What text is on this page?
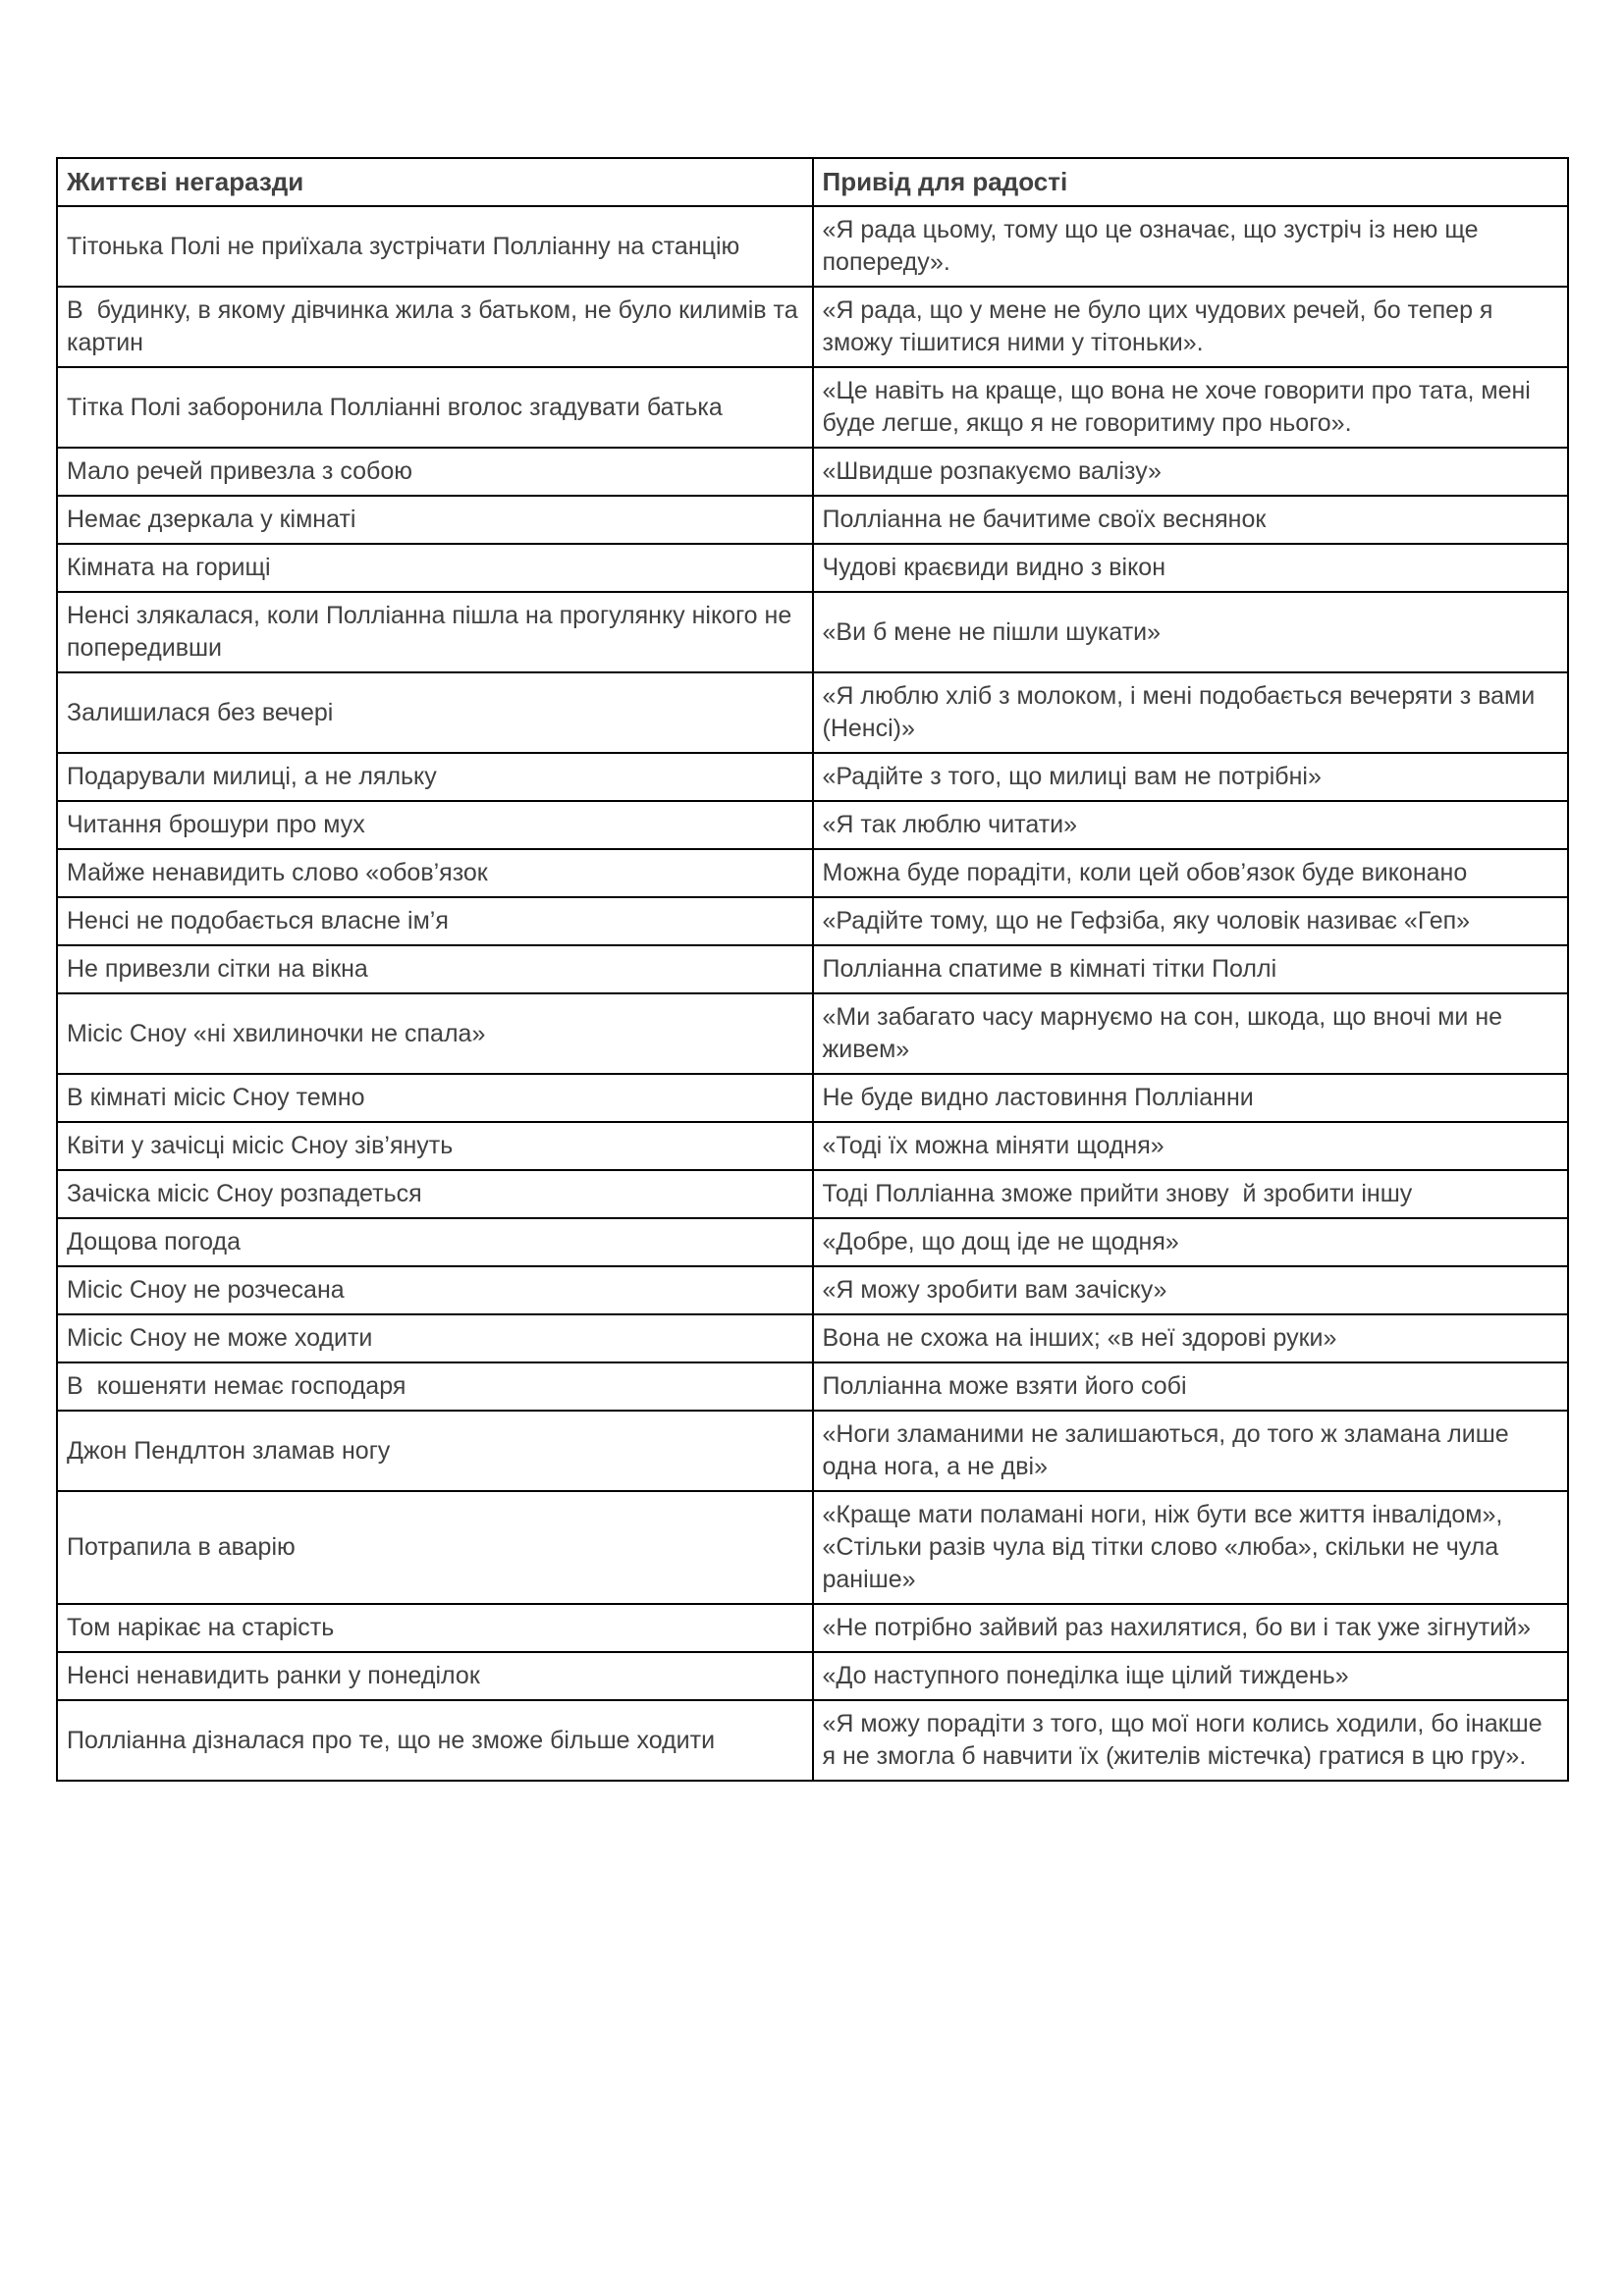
Життєві негаразди	Привід для радості
Тітонька Полі не приїхала зустрічати Полліанну на станцію	«Я рада цьому, тому що це означає, що зустріч із нею ще попереду».
В  будинку, в якому дівчинка жила з батьком, не було килимів та картин	«Я рада, що у мене не було цих чудових речей, бо тепер я зможу тішитися ними у тітоньки».
Тітка Полі заборонила Полліанні вголос згадувати батька	«Це навіть на краще, що вона не хоче говорити про тата, мені буде легше, якщо я не говоритиму про нього».
Мало речей привезла з собою	«Швидше розпакуємо валізу»
Немає дзеркала у кімнаті	Полліанна не бачитиме своїх веснянок
Кімната на горищі	Чудові краєвиди видно з вікон
Ненсі злякалася, коли Полліанна пішла на прогулянку нікого не попередивши	«Ви б мене не пішли шукати»
Залишилася без вечері	«Я люблю хліб з молоком, і мені подобається вечеряти з вами (Ненсі)»
Подарували милиці, а не ляльку	«Радійте з того, що милиці вам не потрібні»
Читання брошури про мух	«Я так люблю читати»
Майже ненавидить слово «обов’язок	Можна буде порадіти, коли цей обов’язок буде виконано
Ненсі не подобається власне ім’я	«Радійте тому, що не Гефзіба, яку чоловік називає «Геп»
Не привезли сітки на вікна	Полліанна спатиме в кімнаті тітки Поллі
Місіс Сноу «ні хвилиночки не спала»	«Ми забагато часу марнуємо на сон, шкода, що вночі ми не живем»
В кімнаті місіс Сноу темно	Не буде видно ластовиння Полліанни
Квіти у зачісці місіс Сноу зів’януть	«Тоді їх можна міняти щодня»
Зачіска місіс Сноу розпадеться	Тоді Полліанна зможе прийти знову  й зробити іншу
Дощова погода	«Добре, що дощ іде не щодня»
Місіс Сноу не розчесана	«Я можу зробити вам зачіску»
Місіс Сноу не може ходити	Вона не схожа на інших; «в неї здорові руки»
В  кошеняти немає господаря	Полліанна може взяти його собі
Джон Пендлтон зламав ногу	«Ноги зламаними не залишаються, до того ж зламана лише одна нога, а не дві»
Потрапила в аварію	«Краще мати поламані ноги, ніж бути все життя інвалідом», «Стільки разів чула від тітки слово «люба», скільки не чула раніше»
Том нарікає на старість	«Не потрібно зайвий раз нахилятися, бо ви і так уже зігнутий»
Ненсі ненавидить ранки у понеділок	«До наступного понеділка іще цілий тиждень»
Полліанна дізналася про те, що не зможе більше ходити	«Я можу порадіти з того, що мої ноги колись ходили, бо інакше я не змогла б навчити їх (жителів містечка) гратися в цю гру».
